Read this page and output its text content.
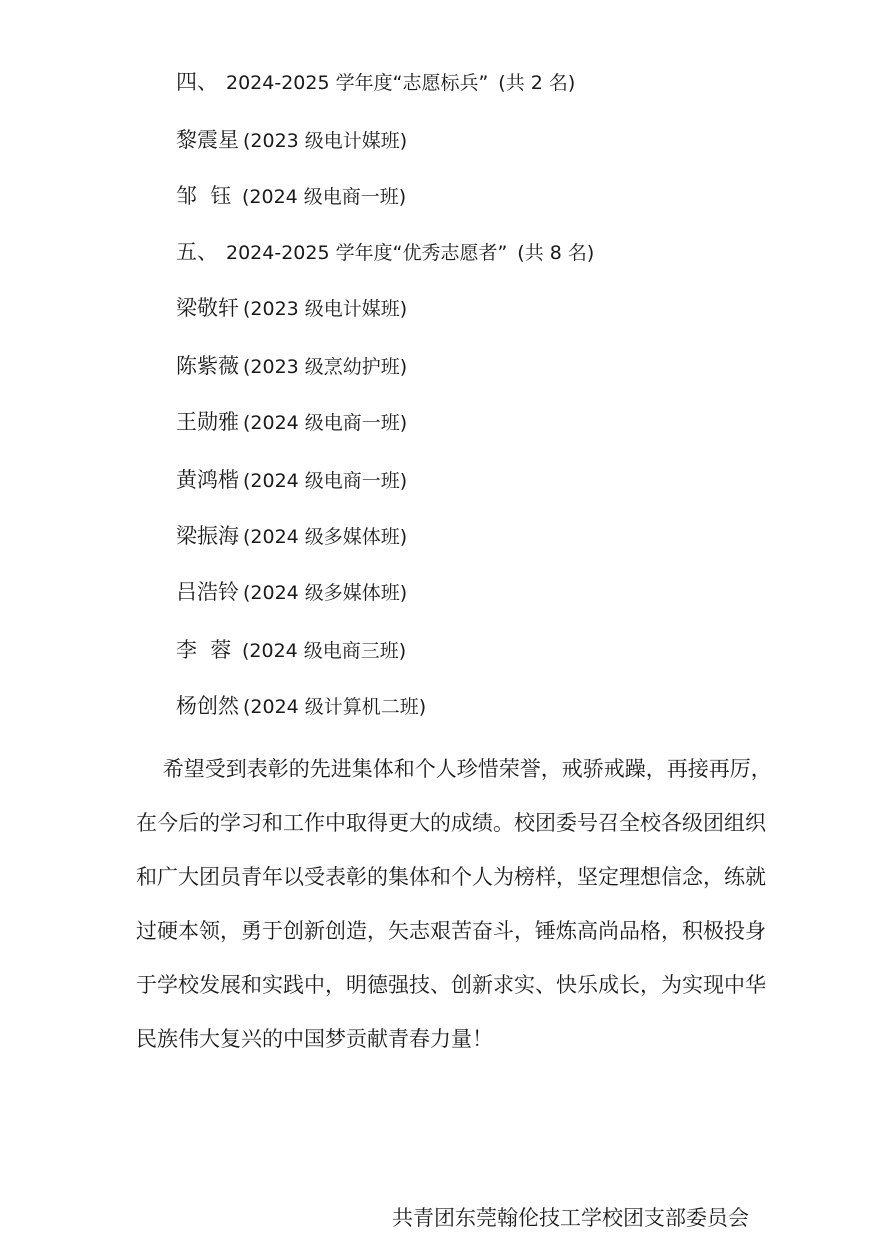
四、 2024-2025 学年度“志愿标兵” (共 2 名)
黎震星 (2023 级电计媒班)
邹  钰 (2024 级电商一班)
五、 2024-2025 学年度“优秀志愿者” (共 8 名)
梁敬轩 (2023 级电计媒班)
陈紫薇 (2023 级烹幼护班)
王勋雅 (2024 级电商一班)
黄鸿楷 (2024 级电商一班)
梁振海 (2024 级多媒体班)
吕浩铃 (2024 级多媒体班)
李  蓉 (2024 级电商三班)
杨创然 (2024 级计算机二班)
希望受到表彰的先进集体和个人珍惜荣誉，戒骄戒躁，再接再厉，
在今后的学习和工作中取得更大的成绩。校团委号召全校各级团组织
和广大团员青年以受表彰的集体和个人为榜样，坚定理想信念，练就
过硬本领，勇于创新创造，矢志艰苦奋斗，锤炼高尚品格，积极投身
于学校发展和实践中，明德强技、创新求实、快乐成长，为实现中华
民族伟大复兴的中国梦贡献青春力量！
共青团东莞翰伦技工学校团支部委员会
